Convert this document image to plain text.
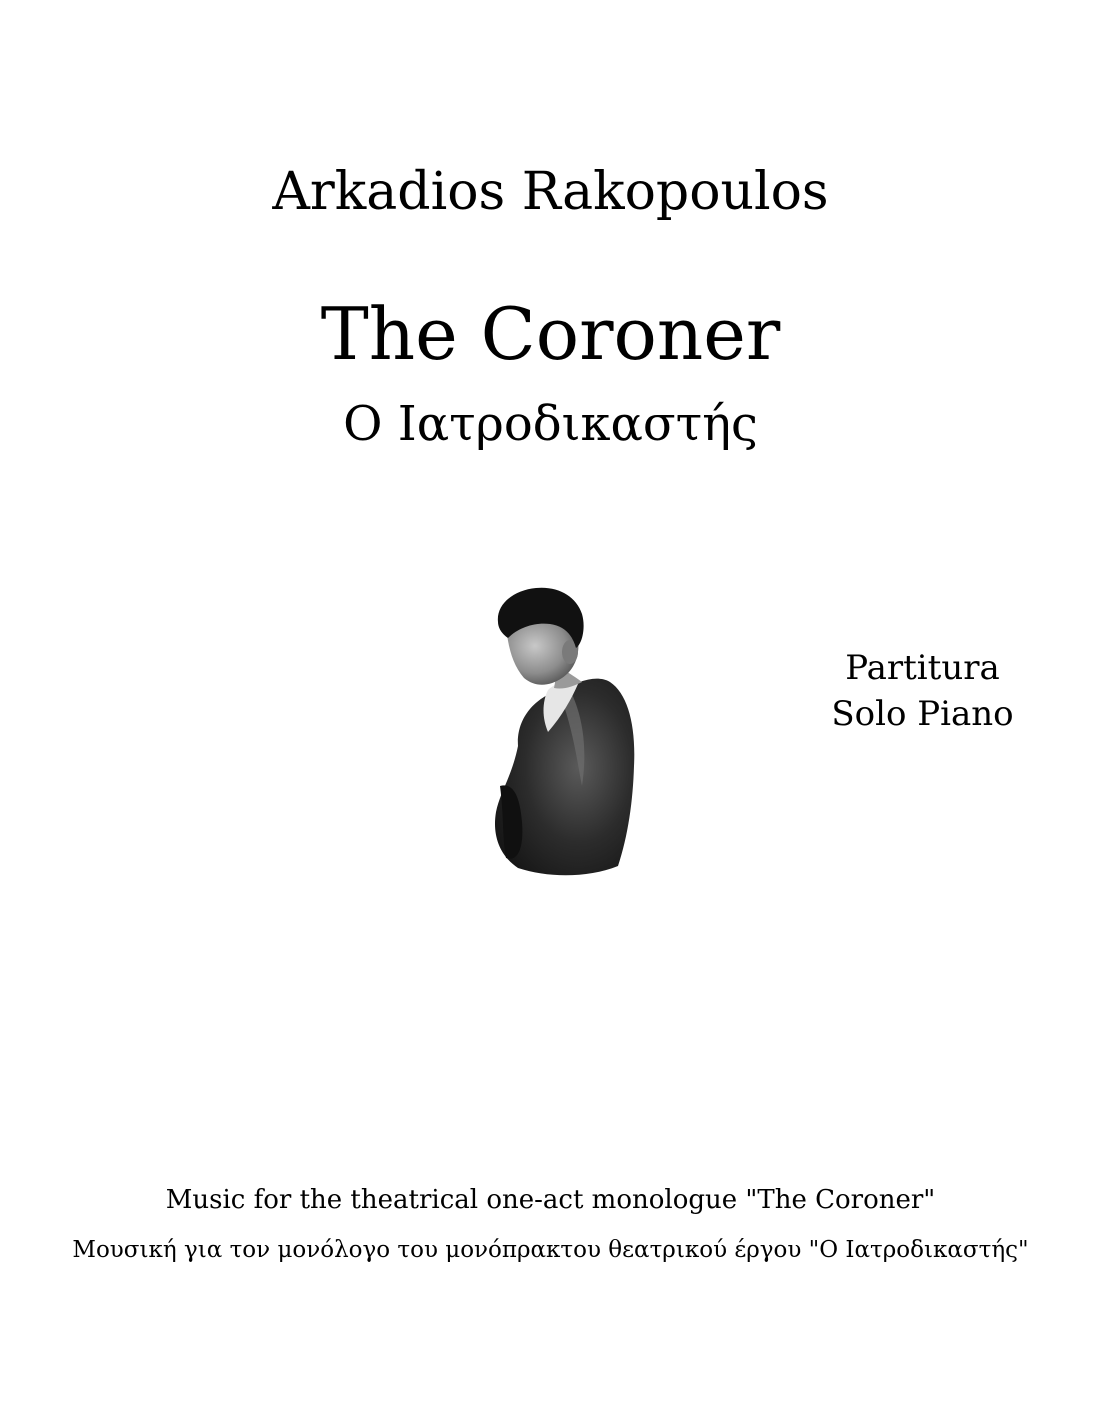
Arkadios Rakopoulos
The Coroner
Ο Ιατροδικαστής
Partitura
Solo Piano
Music for the theatrical one-act monologue "The Coroner"
Μουσική για τον μονόλογο του μονόπρακτου θεατρικού έργου "Ο Ιατροδικαστής"
